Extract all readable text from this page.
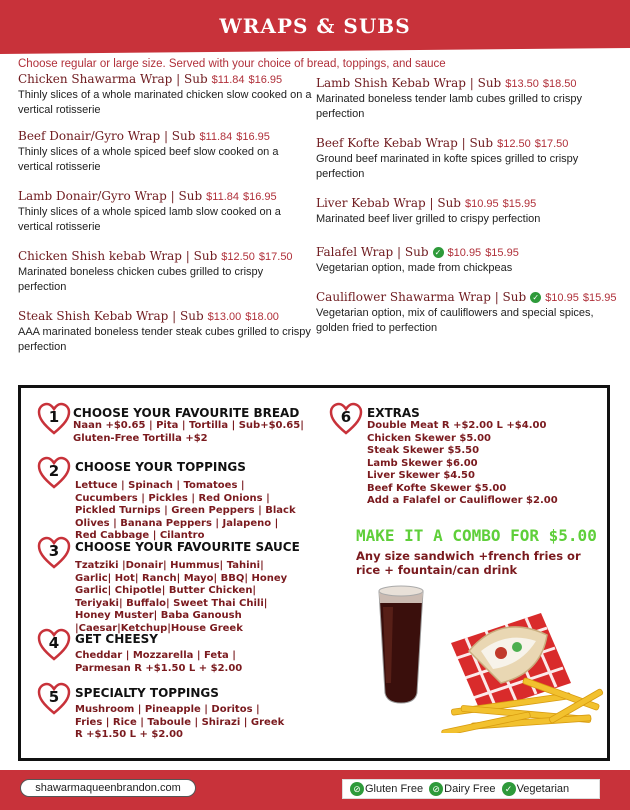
WRAPS & SUBS
Choose regular or large size. Served with your choice of bread, toppings, and sauce
Chicken Shawarma Wrap | Sub $11.84 $16.95
Thinly slices of a whole marinated chicken slow cooked on a vertical rotisserie
Beef Donair/Gyro Wrap | Sub $11.84 $16.95
Thinly slices of a whole spiced beef slow cooked on a vertical rotisserie
Lamb Donair/Gyro Wrap | Sub $11.84 $16.95
Thinly slices of a whole spiced lamb slow cooked on a vertical rotisserie
Chicken Shish kebab Wrap | Sub $12.50 $17.50
Marinated boneless chicken cubes grilled to crispy perfection
Steak Shish Kebab Wrap | Sub $13.00 $18.00
AAA marinated boneless tender steak cubes grilled to crispy perfection
Lamb Shish Kebab Wrap | Sub $13.50 $18.50
Marinated boneless tender lamb cubes grilled to crispy perfection
Beef Kofte Kebab Wrap | Sub $12.50 $17.50
Ground beef marinated in kofte spices grilled to crispy perfection
Liver Kebab Wrap | Sub $10.95 $15.95
Marinated beef liver grilled to crispy perfection
Falafel Wrap | Sub ✓ $10.95 $15.95
Vegetarian option, made from chickpeas
Cauliflower Shawarma Wrap | Sub ✓ $10.95 $15.95
Vegetarian option, mix of cauliflowers and special spices, golden fried to perfection
1	CHOOSE YOUR FAVOURITE BREAD
Naan +$0.65 | Pita | Tortilla | Sub+$0.65| Gluten-Free Tortilla +$2
2	CHOOSE YOUR TOPPINGS
Lettuce | Spinach | Tomatoes | Cucumbers | Pickles | Red Onions | Pickled Turnips | Green Peppers | Black Olives | Banana Peppers | Jalapeno | Red Cabbage | Cilantro
3	CHOOSE YOUR FAVOURITE SAUCE
Tzatziki |Donair| Hummus| Tahini| Garlic| Hot| Ranch| Mayo| BBQ| Honey Garlic| Chipotle| Butter Chicken| Teriyaki| Buffalo| Sweet Thai Chili| Honey Muster| Baba Ganoush |Caesar|Ketchup|House Greek
4	GET CHEESY
Cheddar | Mozzarella | Feta | Parmesan R +$1.50 L + $2.00
5	SPECIALTY TOPPINGS
Mushroom | Pineapple | Doritos | Fries | Rice | Taboule | Shirazi | Greek R +$1.50 L + $2.00
6	EXTRAS
Double Meat R +$2.00 L +$4.00
Chicken Skewer $5.00
Steak Skewer $5.50
Lamb Skewer $6.00
Liver Skewer $4.50
Beef Kofte Skewer $5.00
Add a Falafel or Cauliflower $2.00
MAKE IT A COMBO FOR $5.00
Any size sandwich +french fries or rice + fountain/can drink
shawarmaqueenbrandon.com	⊘ Gluten Free ⊘ Dairy Free ✓ Vegetarian
